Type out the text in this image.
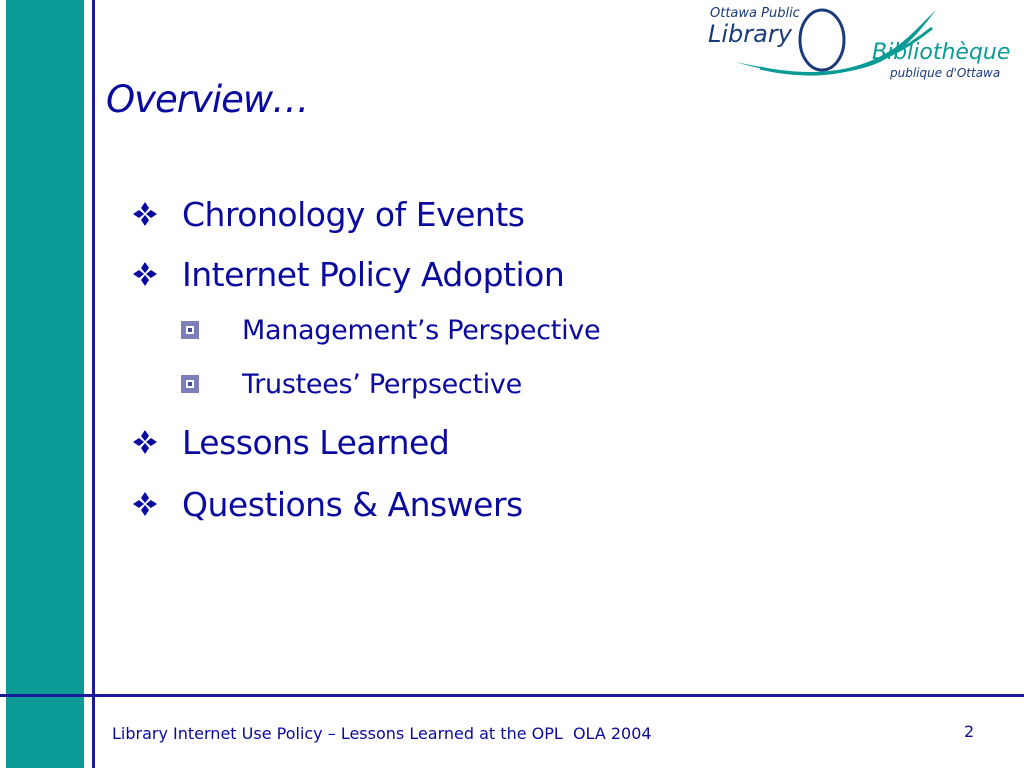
Ottawa Public
Library
Bibliothèque
publique d'Ottawa
Overview…
Chronology of Events
Internet Policy Adoption
Management’s Perspective
Trustees’ Perpsective
Lessons Learned
Questions & Answers
Library Internet Use Policy – Lessons Learned at the OPL  OLA 2004	2
